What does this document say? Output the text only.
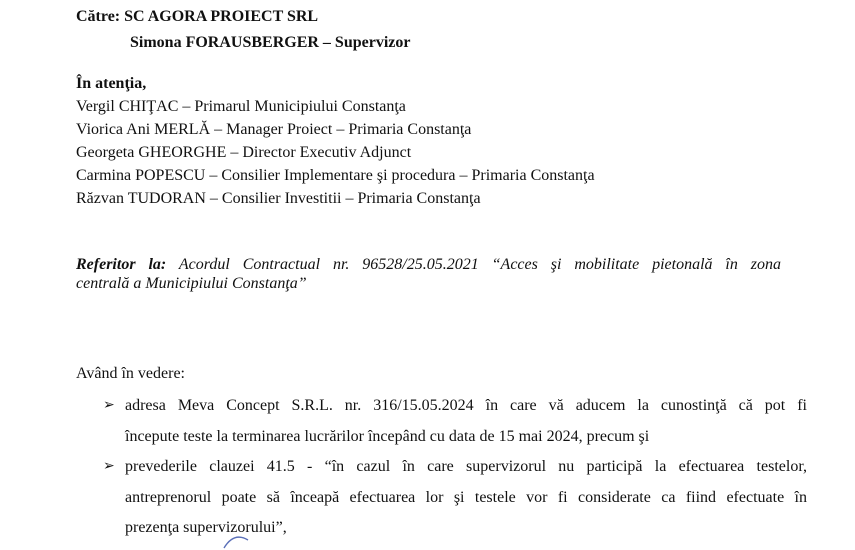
Către: SC AGORA PROIECT SRL
Simona FORAUSBERGER – Supervizor
În atenţia,
Vergil CHIŢAC – Primarul Municipiului Constanţa
Viorica Ani MERLĂ – Manager Proiect – Primaria Constanţa
Georgeta GHEORGHE – Director Executiv Adjunct
Carmina POPESCU – Consilier Implementare şi procedura – Primaria Constanţa
Răzvan TUDORAN – Consilier Investitii – Primaria Constanţa
Referitor la: Acordul Contractual nr. 96528/25.05.2021 “Acces şi mobilitate pietonală în zona
centrală a Municipiului Constanţa”
Având în vedere:
➢ adresa Meva Concept S.R.L. nr. 316/15.05.2024 în care vă aducem la cunostinţă că pot fi
începute teste la terminarea lucrărilor începând cu data de 15 mai 2024, precum şi
➢ prevederile clauzei 41.5 - “în cazul în care supervizorul nu participă la efectuarea testelor,
antreprenorul poate să înceapă efectuarea lor şi testele vor fi considerate ca fiind efectuate în
prezenţa supervizorului”,
